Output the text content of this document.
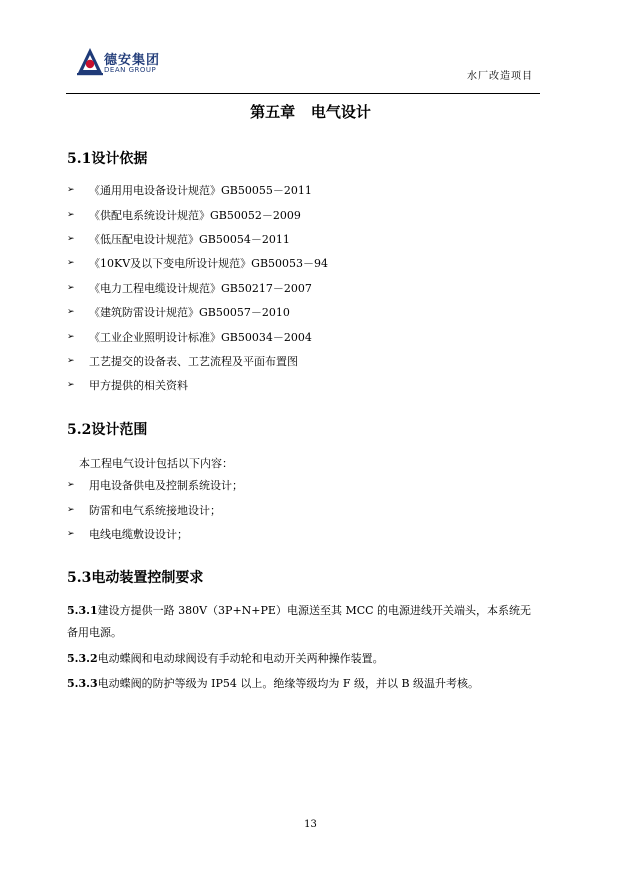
德安集团
DEAN GROUP
水厂改造项目
第五章   电气设计
5.1设计依据
➢	《通用用电设备设计规范》GB50055－2011
➢	《供配电系统设计规范》GB50052－2009
➢	《低压配电设计规范》GB50054－2011
➢	《10KV及以下变电所设计规范》GB50053－94
➢	《电力工程电缆设计规范》GB50217－2007
➢	《建筑防雷设计规范》GB50057－2010
➢	《工业企业照明设计标准》GB50034－2004
➢	工艺提交的设备表、工艺流程及平面布置图
➢	甲方提供的相关资料
5.2设计范围
本工程电气设计包括以下内容：
➢	用电设备供电及控制系统设计；
➢	防雷和电气系统接地设计；
➢	电线电缆敷设设计；
5.3电动装置控制要求
5.3.1建设方提供一路 380V（3P+N+PE）电源送至其 MCC 的电源进线开关端头，本系统无备用电源。
5.3.2电动蝶阀和电动球阀设有手动轮和电动开关两种操作装置。
5.3.3电动蝶阀的防护等级为 IP54 以上。绝缘等级均为 F 级，并以 B 级温升考核。
13
